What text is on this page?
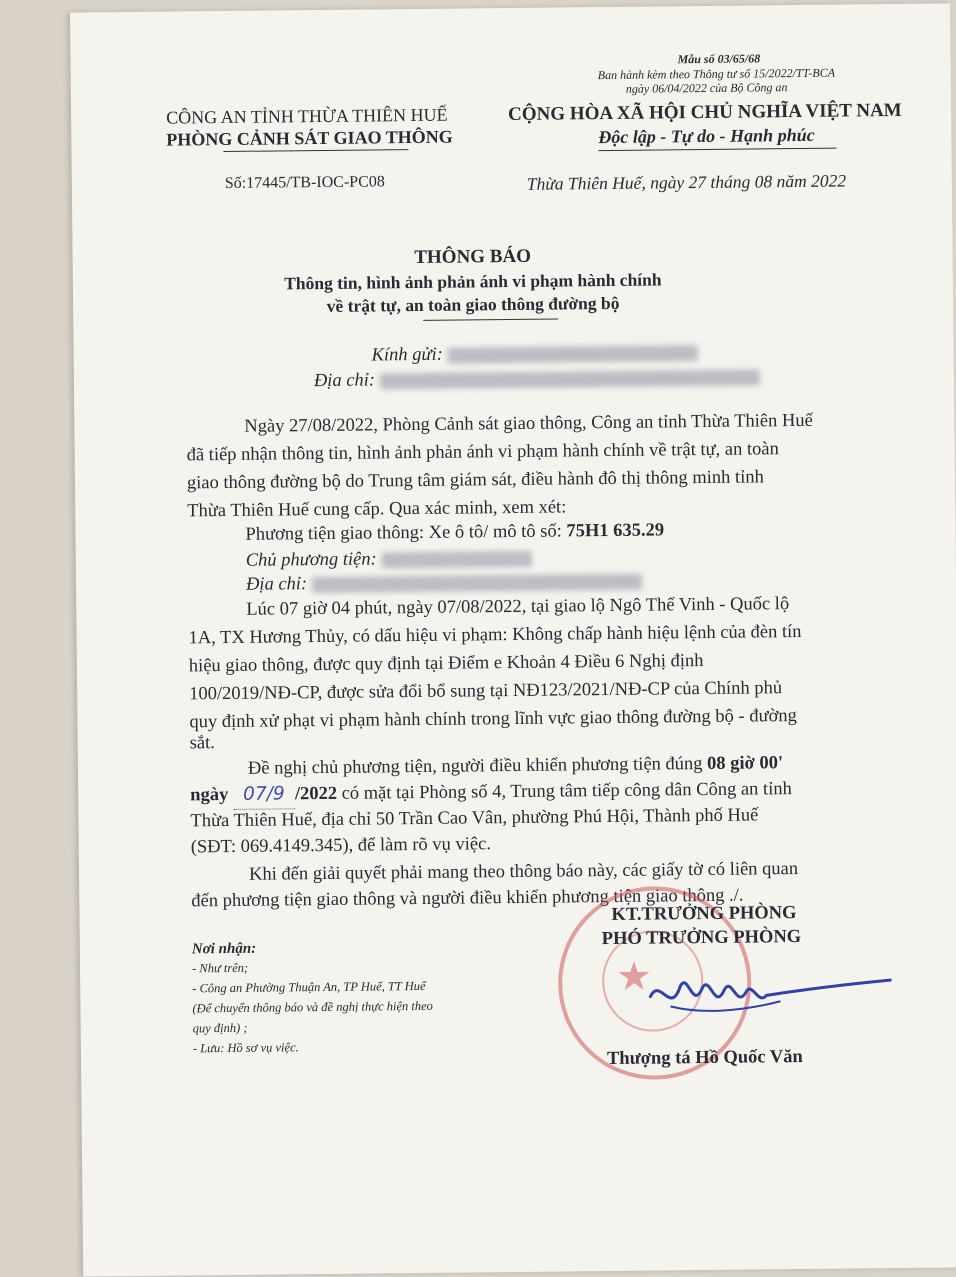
Mẫu số 03/65/68
Ban hành kèm theo Thông tư số 15/2022/TT-BCA
ngày 06/04/2022 của Bộ Công an
CÔNG AN TỈNH THỪA THIÊN HUẾ
PHÒNG CẢNH SÁT GIAO THÔNG
Số:17445/TB-IOC-PC08
CỘNG HÒA XÃ HỘI CHỦ NGHĨA VIỆT NAM
Độc lập - Tự do - Hạnh phúc
Thừa Thiên Huế, ngày 27 tháng 08 năm 2022
THÔNG BÁO
Thông tin, hình ảnh phản ánh vi phạm hành chính
về trật tự, an toàn giao thông đường bộ
Kính gửi:
Địa chỉ:
Ngày 27/08/2022, Phòng Cảnh sát giao thông, Công an tỉnh Thừa Thiên Huế
đã tiếp nhận thông tin, hình ảnh phản ánh vi phạm hành chính về trật tự, an toàn
giao thông đường bộ do Trung tâm giám sát, điều hành đô thị thông minh tỉnh
Thừa Thiên Huế cung cấp. Qua xác minh, xem xét:
Phương tiện giao thông: Xe ô tô/ mô tô số: 75H1 635.29
Chủ phương tiện:
Địa chỉ:
Lúc 07 giờ 04 phút, ngày 07/08/2022, tại giao lộ Ngô Thế Vinh - Quốc lộ
1A, TX Hương Thủy, có dấu hiệu vi phạm: Không chấp hành hiệu lệnh của đèn tín
hiệu giao thông, được quy định tại Điểm e Khoản 4 Điều 6 Nghị định
100/2019/NĐ-CP, được sửa đổi bổ sung tại NĐ123/2021/NĐ-CP của Chính phủ
quy định xử phạt vi phạm hành chính trong lĩnh vực giao thông đường bộ - đường
sắt.
Đề nghị chủ phương tiện, người điều khiển phương tiện đúng 08 giờ 00'
ngày 07/9 /2022 có mặt tại Phòng số 4, Trung tâm tiếp công dân Công an tỉnh
Thừa Thiên Huế, địa chỉ 50 Trần Cao Vân, phường Phú Hội, Thành phố Huế
(SĐT: 069.4149.345), để làm rõ vụ việc.
Khi đến giải quyết phải mang theo thông báo này, các giấy tờ có liên quan
đến phương tiện giao thông và người điều khiển phương tiện giao thông ./.
Nơi nhận:
- Như trên;
- Công an Phường Thuận An, TP Huế, TT Huế
(Để chuyển thông báo và đề nghị thực hiện theo
quy định) ;
- Lưu: Hồ sơ vụ việc.
★
KT.TRƯỞNG PHÒNG
PHÓ TRƯỞNG PHÒNG
Thượng tá Hồ Quốc Văn
